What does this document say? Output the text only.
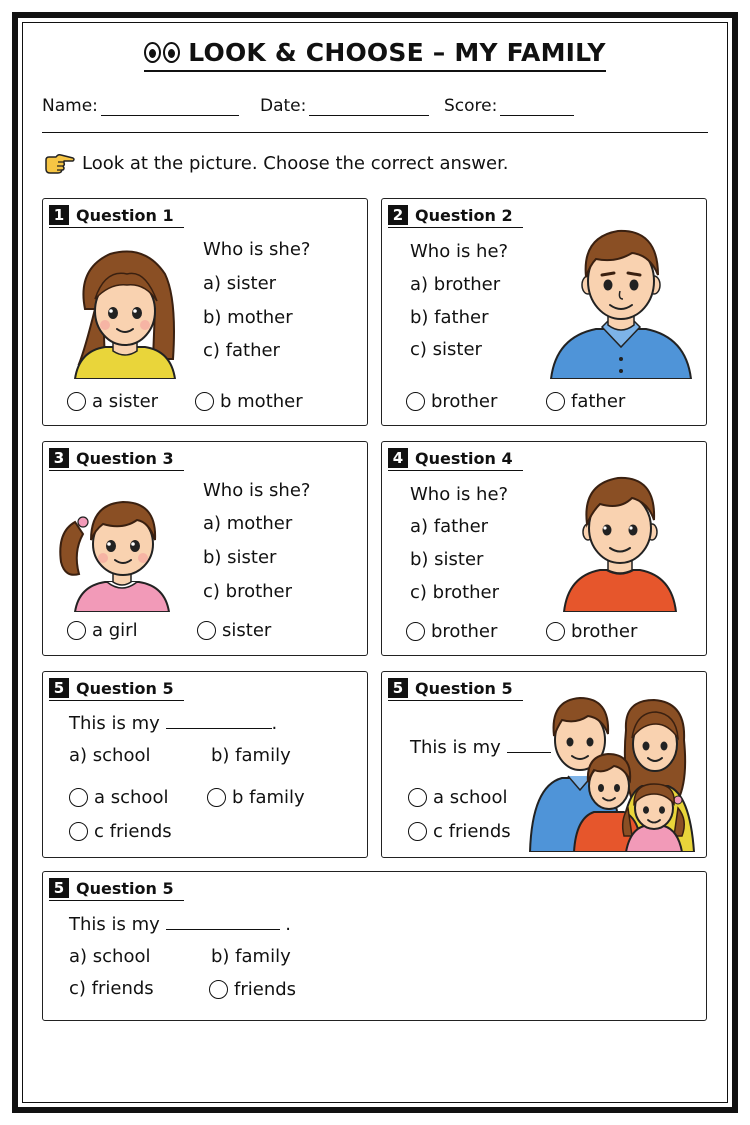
LOOK & CHOOSE – MY FAMILY
Name:	Date:	Score:
Look at the picture. Choose the correct answer.
1 Question 1
Who is she?
a) sister
b) mother
c) father
a sister	b mother
2 Question 2
Who is he?
a) brother
b) father
c) sister
brother	father
3 Question 3
Who is she?
a) mother
b) sister
c) brother
a girl	sister
4 Question 4
Who is he?
a) father
b) sister
c) brother
brother	brother
5 Question 5
This is my	.
a) school	b) family
a school	b family
c friends
5 Question 5
This is my
a school
c friends
5 Question 5
This is my	.
a) school	b) family
c) friends	friends
